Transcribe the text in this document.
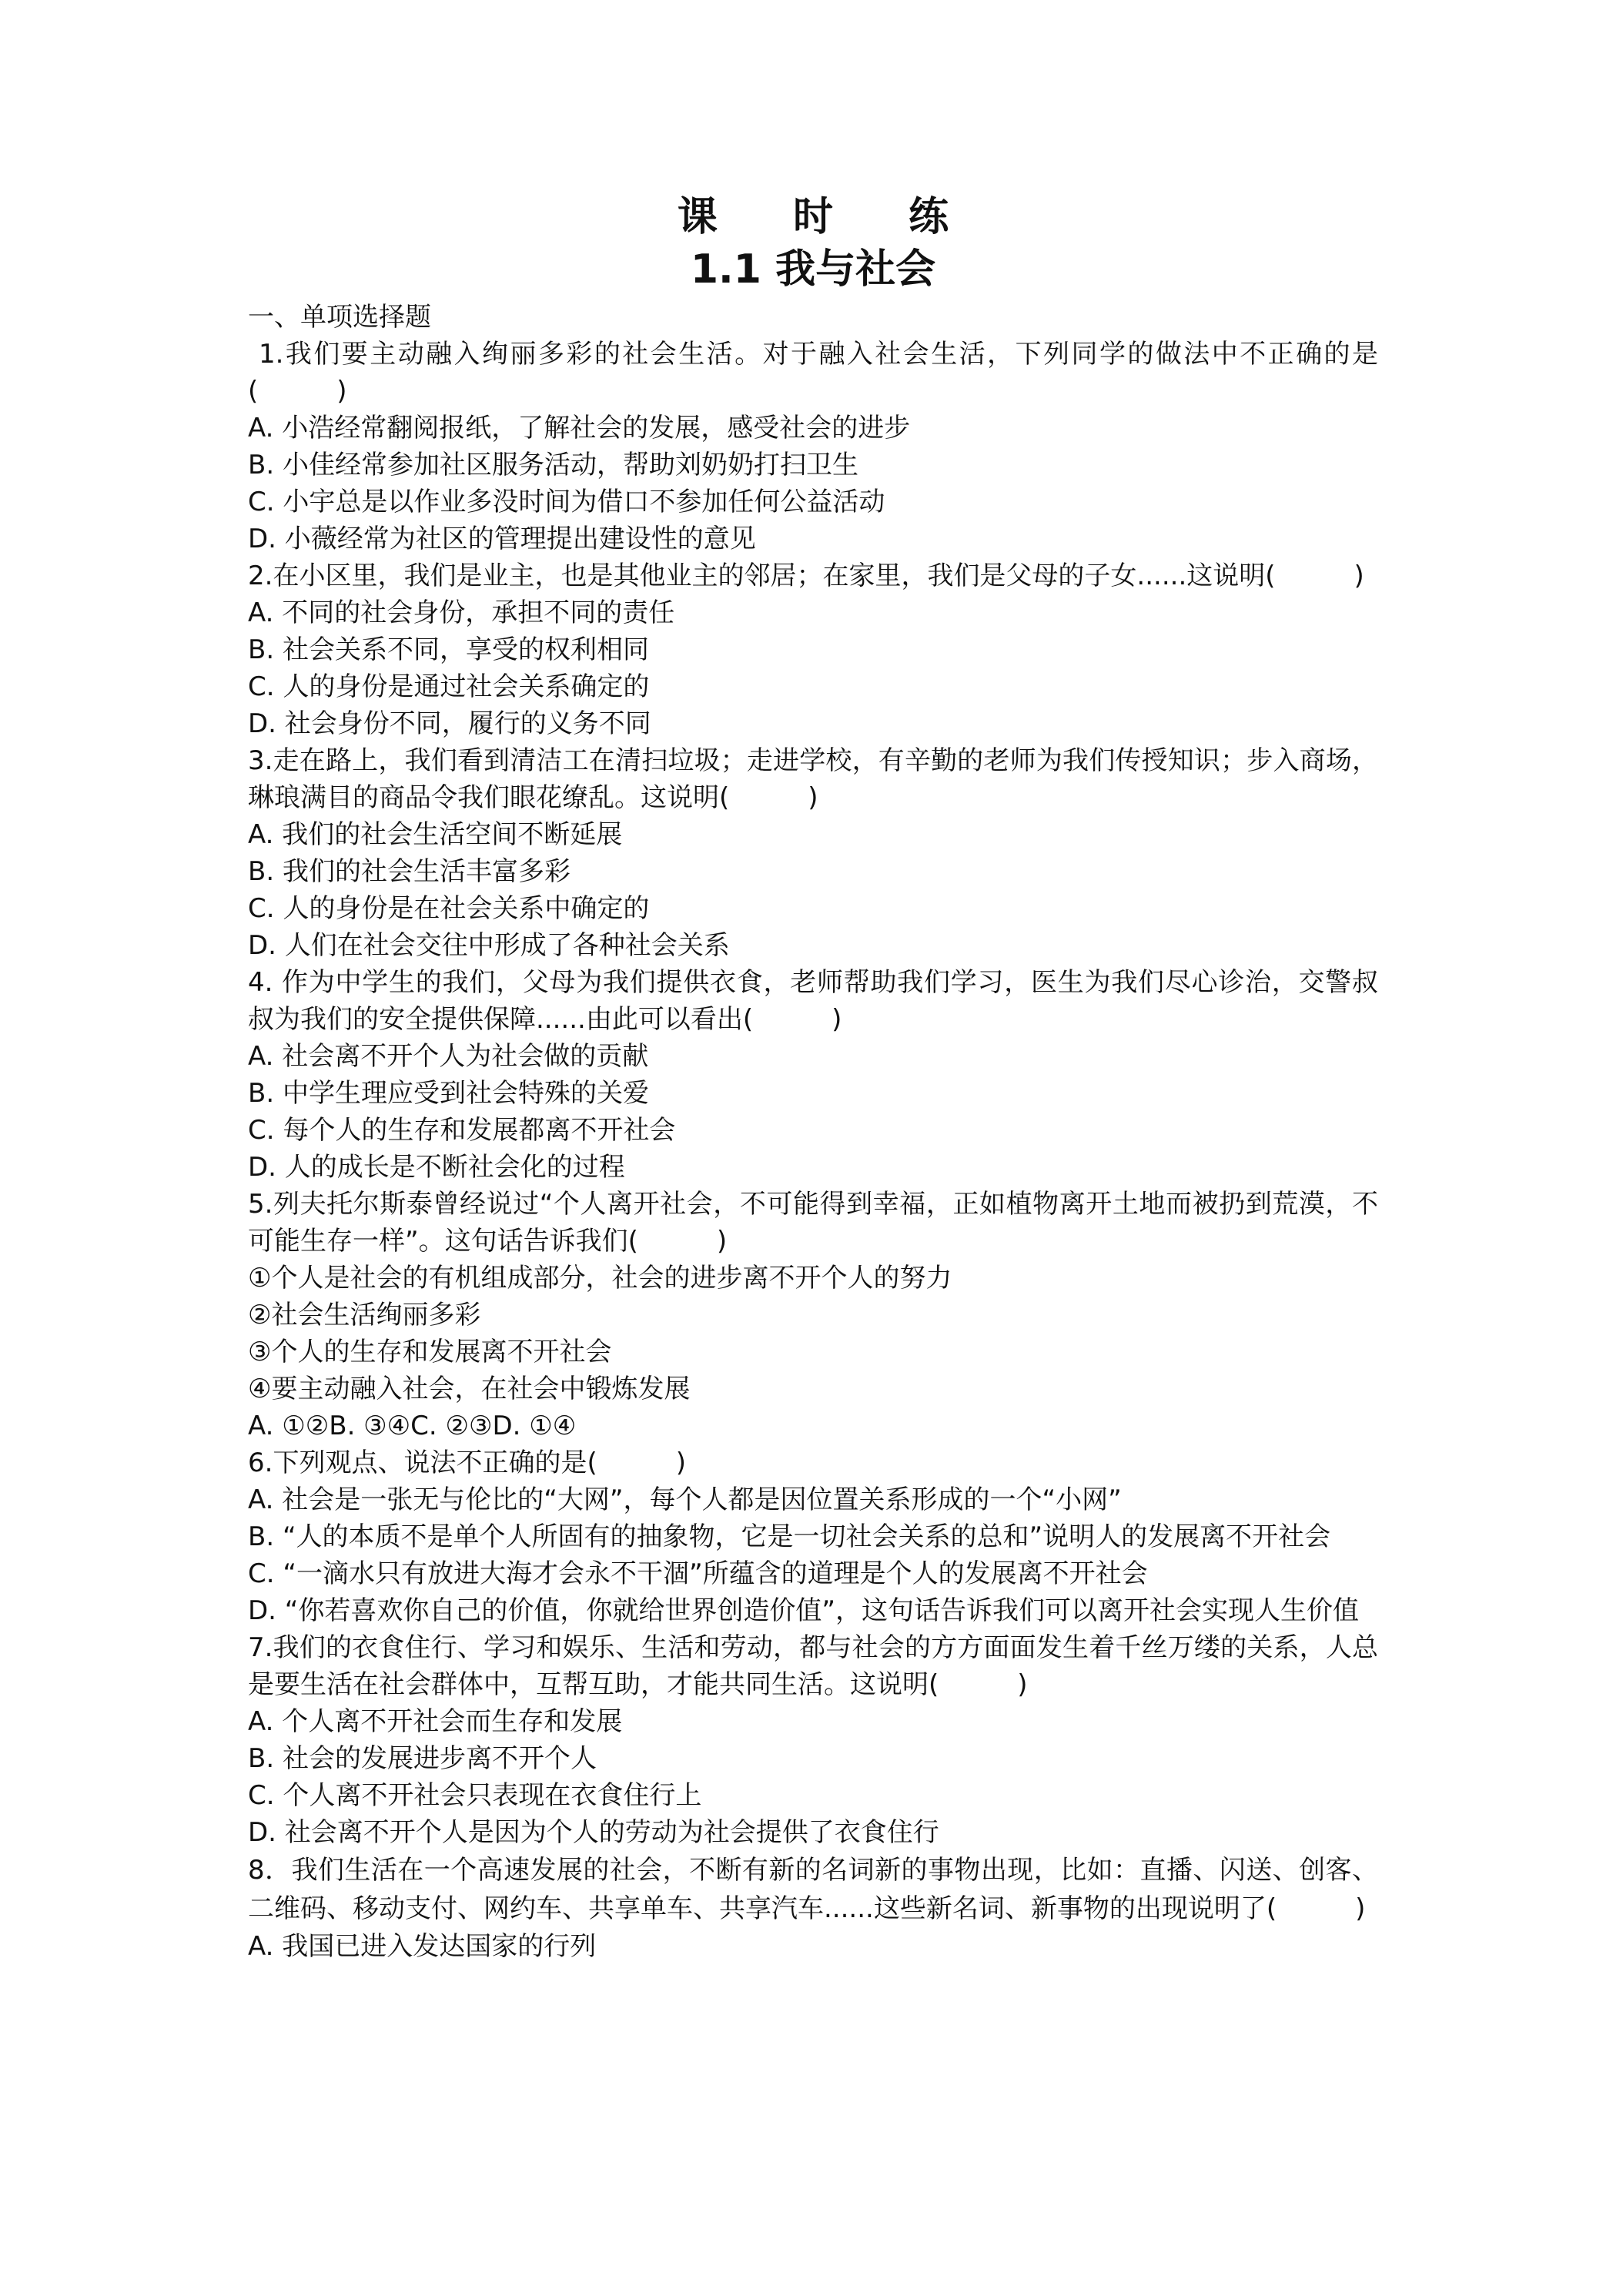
课 时 练
1.1 我与社会
一、单项选择题
1.我们要主动融入绚丽多彩的社会生活。对于融入社会生活，下列同学的做法中不正确的是(　　　)
A. 小浩经常翻阅报纸，了解社会的发展，感受社会的进步
B. 小佳经常参加社区服务活动，帮助刘奶奶打扫卫生
C. 小宇总是以作业多没时间为借口不参加任何公益活动
D. 小薇经常为社区的管理提出建设性的意见
2.在小区里，我们是业主，也是其他业主的邻居；在家里，我们是父母的子女......这说明(　　　)
A. 不同的社会身份，承担不同的责任
B. 社会关系不同，享受的权利相同
C. 人的身份是通过社会关系确定的
D. 社会身份不同，履行的义务不同
3.走在路上，我们看到清洁工在清扫垃圾；走进学校，有辛勤的老师为我们传授知识；步入商场，琳琅满目的商品令我们眼花缭乱。这说明(　　　)
A. 我们的社会生活空间不断延展
B. 我们的社会生活丰富多彩
C. 人的身份是在社会关系中确定的
D. 人们在社会交往中形成了各种社会关系
4. 作为中学生的我们，父母为我们提供衣食，老师帮助我们学习，医生为我们尽心诊治，交警叔叔为我们的安全提供保障......由此可以看出(　　　)
A. 社会离不开个人为社会做的贡献
B. 中学生理应受到社会特殊的关爱
C. 每个人的生存和发展都离不开社会
D. 人的成长是不断社会化的过程
5.列夫托尔斯泰曾经说过“个人离开社会，不可能得到幸福，正如植物离开土地而被扔到荒漠，不可能生存一样”。这句话告诉我们(　　　)
①个人是社会的有机组成部分，社会的进步离不开个人的努力
②社会生活绚丽多彩
③个人的生存和发展离不开社会
④要主动融入社会，在社会中锻炼发展
A. ①②B. ③④C. ②③D. ①④
6.下列观点、说法不正确的是(　　　)
A. 社会是一张无与伦比的“大网”，每个人都是因位置关系形成的一个“小网”
B. “人的本质不是单个人所固有的抽象物，它是一切社会关系的总和”说明人的发展离不开社会
C. “一滴水只有放进大海才会永不干涸”所蕴含的道理是个人的发展离不开社会
D. “你若喜欢你自己的价值，你就给世界创造价值”，这句话告诉我们可以离开社会实现人生价值
7.我们的衣食住行、学习和娱乐、生活和劳动，都与社会的方方面面发生着千丝万缕的关系，人总是要生活在社会群体中，互帮互助，才能共同生活。这说明(　　　)
A. 个人离不开社会而生存和发展
B. 社会的发展进步离不开个人
C. 个人离不开社会只表现在衣食住行上
D. 社会离不开个人是因为个人的劳动为社会提供了衣食住行
8．我们生活在一个高速发展的社会，不断有新的名词新的事物出现，比如：直播、闪送、创客、二维码、移动支付、网约车、共享单车、共享汽车......这些新名词、新事物的出现说明了(　　　)
A. 我国已进入发达国家的行列
